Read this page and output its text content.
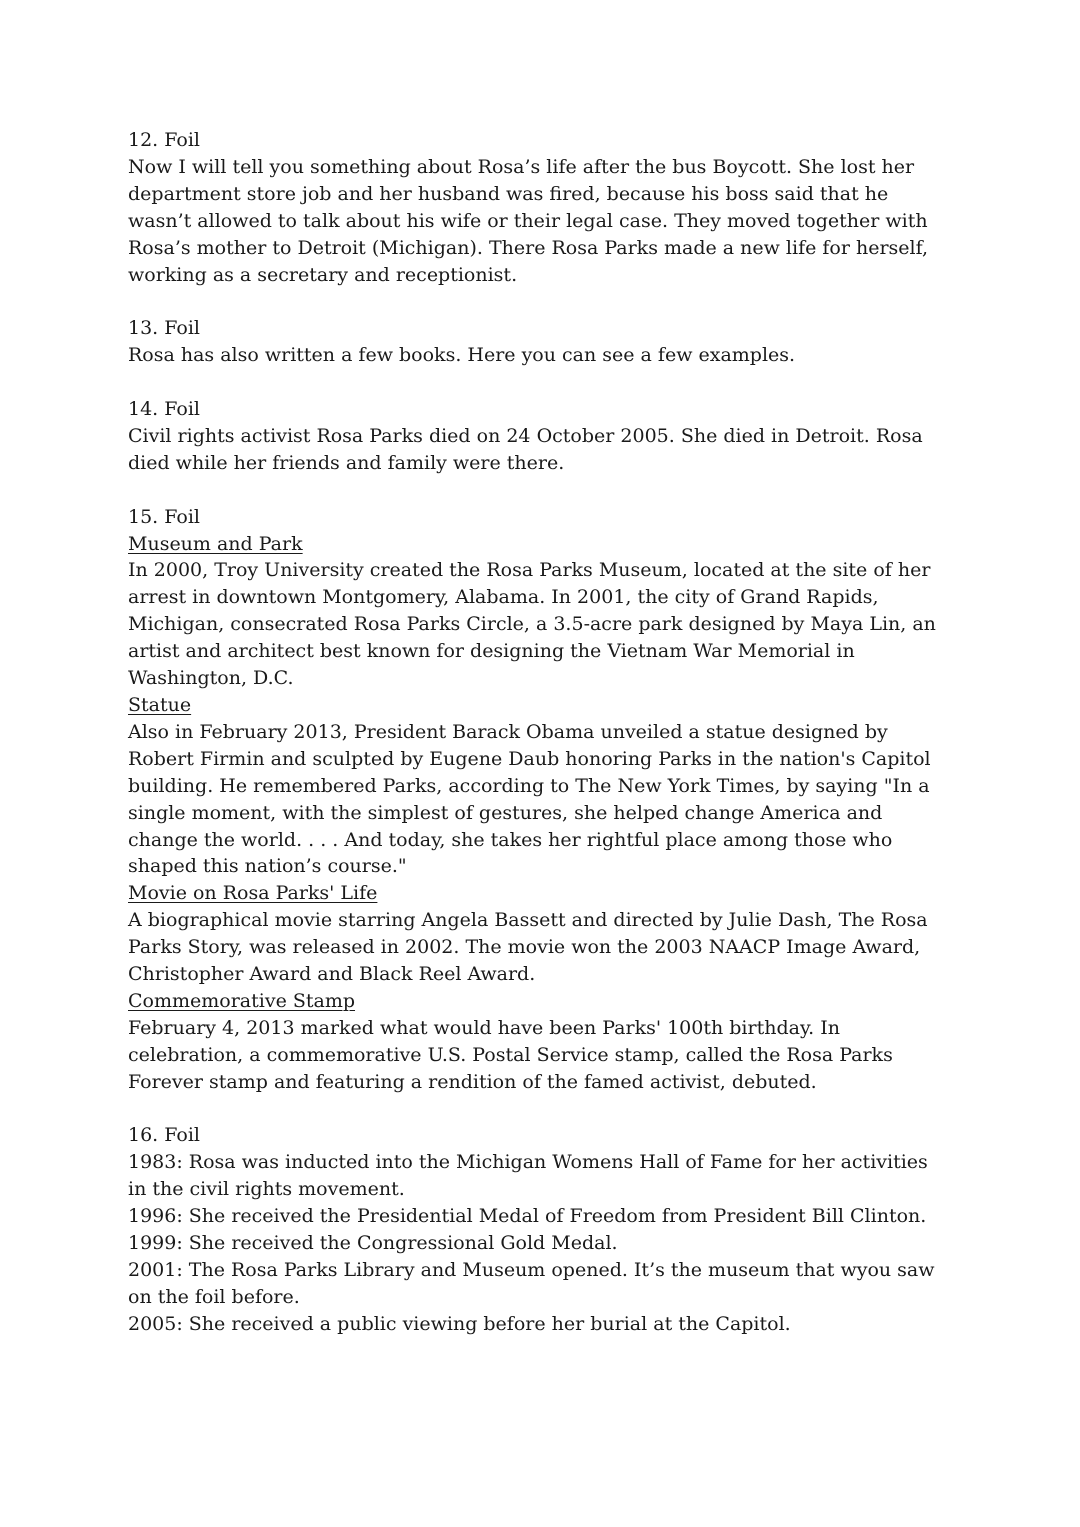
12. Foil
Now I will tell you something about Rosa’s life after the bus Boycott. She lost her
department store job and her husband was fired, because his boss said that he
wasn’t allowed to talk about his wife or their legal case. They moved together with
Rosa’s mother to Detroit (Michigan). There Rosa Parks made a new life for herself,
working as a secretary and receptionist.
13. Foil
Rosa has also written a few books. Here you can see a few examples.
14. Foil
Civil rights activist Rosa Parks died on 24 October 2005. She died in Detroit. Rosa
died while her friends and family were there.
15. Foil
Museum and Park
In 2000, Troy University created the Rosa Parks Museum, located at the site of her
arrest in downtown Montgomery, Alabama. In 2001, the city of Grand Rapids,
Michigan, consecrated Rosa Parks Circle, a 3.5-acre park designed by Maya Lin, an
artist and architect best known for designing the Vietnam War Memorial in
Washington, D.C.
Statue
Also in February 2013, President Barack Obama unveiled a statue designed by
Robert Firmin and sculpted by Eugene Daub honoring Parks in the nation's Capitol
building. He remembered Parks, according to The New York Times, by saying "In a
single moment, with the simplest of gestures, she helped change America and
change the world. . . . And today, she takes her rightful place among those who
shaped this nation’s course."
Movie on Rosa Parks' Life
A biographical movie starring Angela Bassett and directed by Julie Dash, The Rosa
Parks Story, was released in 2002. The movie won the 2003 NAACP Image Award,
Christopher Award and Black Reel Award.
Commemorative Stamp
February 4, 2013 marked what would have been Parks' 100th birthday. In
celebration, a commemorative U.S. Postal Service stamp, called the Rosa Parks
Forever stamp and featuring a rendition of the famed activist, debuted.
16. Foil
1983: Rosa was inducted into the Michigan Womens Hall of Fame for her activities
in the civil rights movement.
1996: She received the Presidential Medal of Freedom from President Bill Clinton.
1999: She received the Congressional Gold Medal.
2001: The Rosa Parks Library and Museum opened. It’s the museum that wyou saw
on the foil before.
2005: She received a public viewing before her burial at the Capitol.
